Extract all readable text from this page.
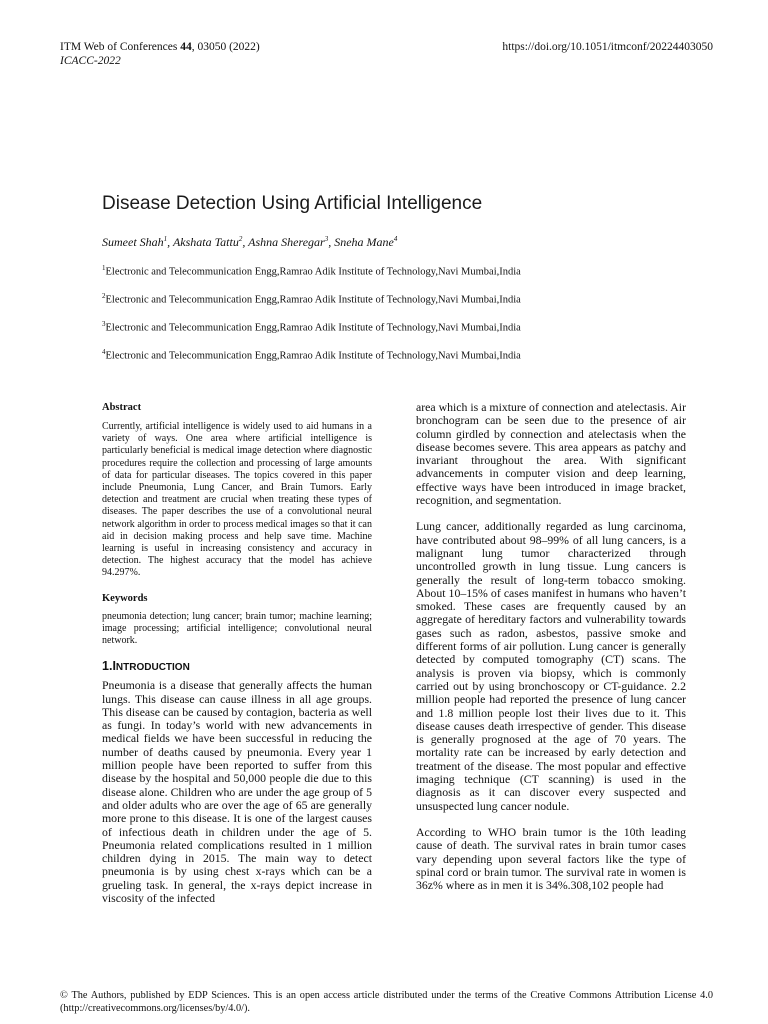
ITM Web of Conferences 44, 03050 (2022)
ICACC-2022
https://doi.org/10.1051/itmconf/20224403050
Disease Detection Using Artificial Intelligence
Sumeet Shah$^1$, Akshata Tattu$^2$, Ashna Sheregar$^3$, Sneha Mane$^4$
$^1$Electronic and Telecommunication Engg,Ramrao Adik Institute of Technology,Navi Mumbai,India
$^2$Electronic and Telecommunication Engg,Ramrao Adik Institute of Technology,Navi Mumbai,India
$^3$Electronic and Telecommunication Engg,Ramrao Adik Institute of Technology,Navi Mumbai,India
$^4$Electronic and Telecommunication Engg,Ramrao Adik Institute of Technology,Navi Mumbai,India
Abstract
Currently, artificial intelligence is widely used to aid humans in a variety of ways. One area where artificial intelligence is particularly beneficial is medical image detection where diagnostic procedures require the collection and processing of large amounts of data for particular diseases. The topics covered in this paper include Pneumonia, Lung Cancer, and Brain Tumors. Early detection and treatment are crucial when treating these types of diseases. The paper describes the use of a convolutional neural network algorithm in order to process medical images so that it can aid in decision making process and help save time. Machine learning is useful in increasing consistency and accuracy in detection. The highest accuracy that the model has achieve 94.297%.
Keywords
pneumonia detection; lung cancer; brain tumor; machine learning; image processing; artificial intelligence; convolutional neural network.
1.INTRODUCTION
Pneumonia is a disease that generally affects the human lungs. This disease can cause illness in all age groups. This disease can be caused by contagion, bacteria as well as fungi. In today’s world with new advancements in medical fields we have been successful in reducing the number of deaths caused by pneumonia. Every year 1 million people have been reported to suffer from this disease by the hospital and 50,000 people die due to this disease alone. Children who are under the age group of 5 and older adults who are over the age of 65 are generally more prone to this disease. It is one of the largest causes of infectious death in children under the age of 5. Pneumonia related complications resulted in 1 million children dying in 2015. The main way to detect pneumonia is by using chest x-rays which can be a grueling task. In general, the x-rays depict increase in viscosity of the infected

area which is a mixture of connection and atelectasis. Air bronchogram can be seen due to the presence of air column girdled by connection and atelectasis when the disease becomes severe. This area appears as patchy and invariant throughout the area. With significant advancements in computer vision and deep learning, effective ways have been introduced in image bracket, recognition, and segmentation.

Lung cancer, additionally regarded as lung carcinoma, have contributed about 98–99% of all lung cancers, is a malignant lung tumor characterized through uncontrolled growth in lung tissue. Lung cancers is generally the result of long-term tobacco smoking. About 10–15% of cases manifest in humans who haven’t smoked. These cases are frequently caused by an aggregate of hereditary factors and vulnerability towards gases such as radon, asbestos, passive smoke and different forms of air pollution. Lung cancer is generally detected by computed tomography (CT) scans. The analysis is proven via biopsy, which is commonly carried out by using bronchoscopy or CT-guidance. 2.2 million people had reported the presence of lung cancer and 1.8 million people lost their lives due to it. This disease causes death irrespective of gender. This disease is generally prognosed at the age of 70 years. The mortality rate can be increased by early detection and treatment of the disease. The most popular and effective imaging technique (CT scanning) is used in the diagnosis as it can discover every suspected and unsuspected lung cancer nodule.

According to WHO brain tumor is the 10th leading cause of death. The survival rates in brain tumor cases vary depending upon several factors like the type of spinal cord or brain tumor. The survival rate in women is 36z% where as in men it is 34%.308,102 people had

© The Authors, published by EDP Sciences. This is an open access article distributed under the terms of the Creative Commons Attribution License 4.0 (http://creativecommons.org/licenses/by/4.0/).
